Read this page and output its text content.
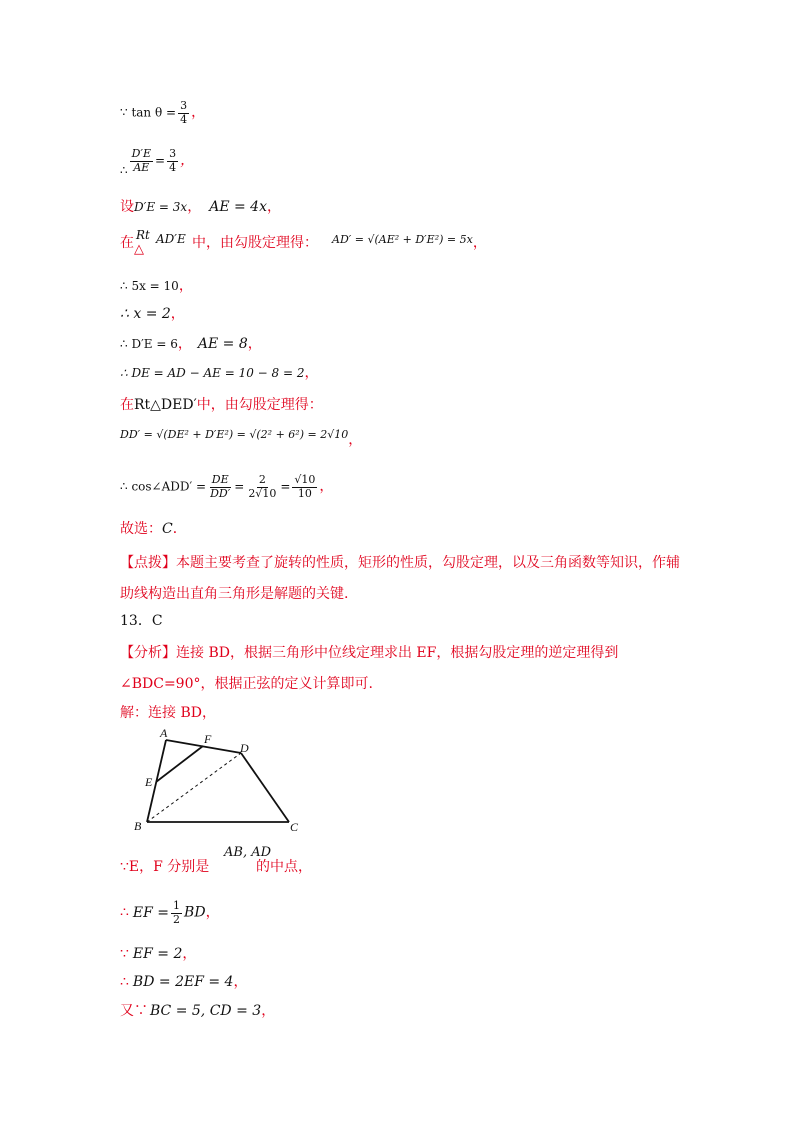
∵ $\tan \theta = \frac{3}{4}$ ，
∴ $\frac{D'E}{AE} = \frac{3}{4}$ ，
设D′E = 3x， AE = 4x，
在
Rt
△
AD′E 中，由勾股定理得： AD′ = √(AE² + D′E²) = 5x，
∴ 5x = 10，
∴ x = 2，
∴ D′E = 6， AE = 8，
∴ DE = AD − AE = 10 − 8 = 2，
在Rt△DED′中，由勾股定理得：
DD′ = √(DE² + D′E²) = √(2² + 6²) = 2√10，
∴ cos∠ADD′ = $\frac{DE}{DD'} = \frac{2}{2√10} = \frac{√10}{10}$ ，
故选：C．
【点拨】本题主要考查了旋转的性质，矩形的性质，勾股定理，以及三角函数等知识，作辅助线构造出直角三角形是解题的关键.
13．C
【分析】连接 BD，根据三角形中位线定理求出 EF，根据勾股定理的逆定理得到
∠BDC=90°，根据正弦的定义计算即可.
解：连接 BD，
A	F
D
E
B	C
∵E，F 分别是
AB, AD
的中点，
∴ EF = $\frac{1}{2}$ BD，
∵ EF = 2，
∴ BD = 2EF = 4，
又∵ BC = 5, CD = 3，
